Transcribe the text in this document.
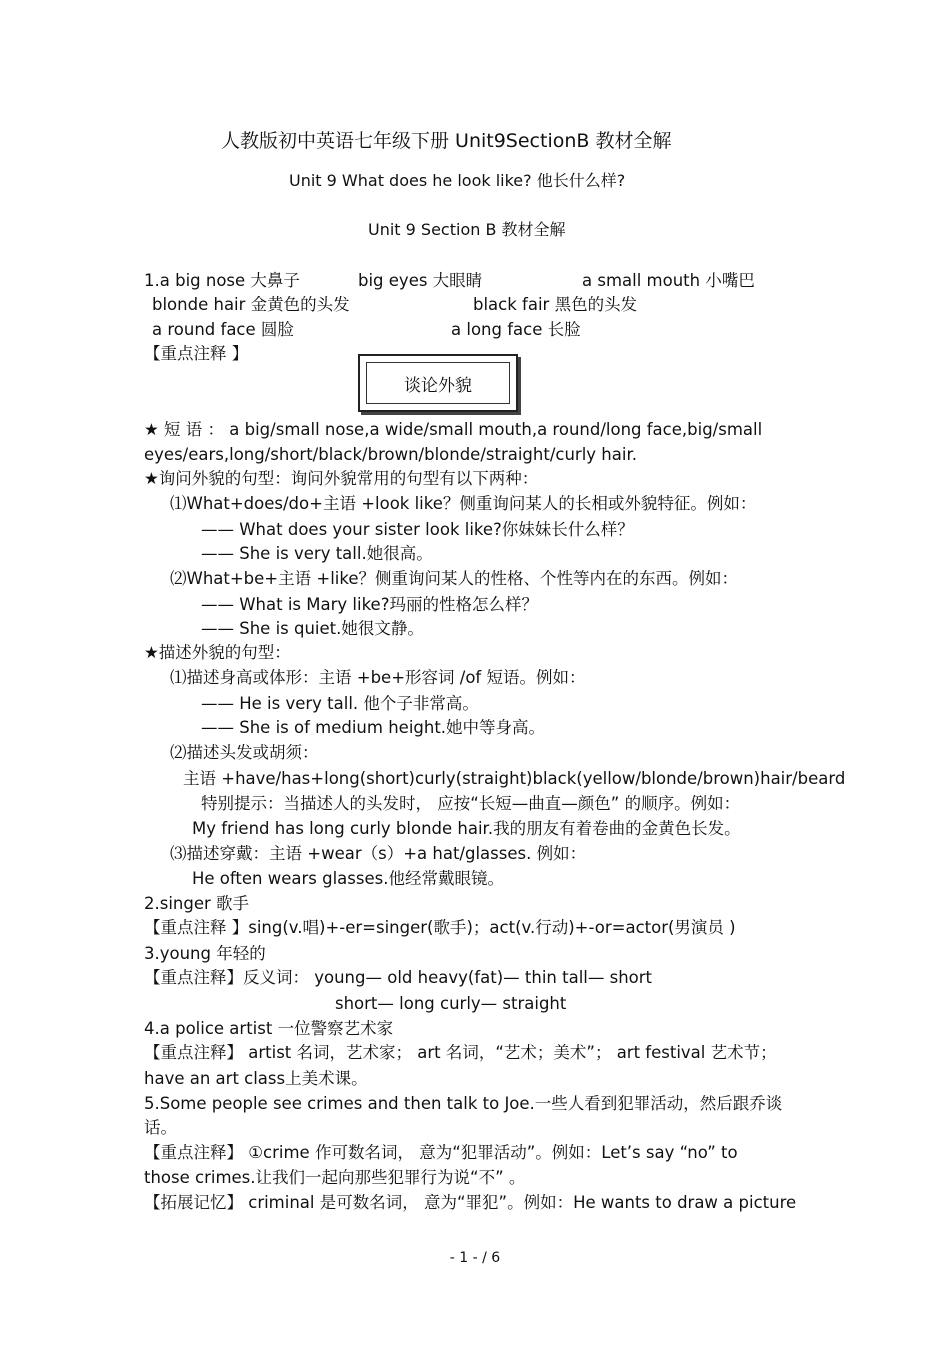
人教版初中英语七年级下册 Unit9SectionB 教材全解
Unit 9 What does he look like? 他长什么样?
Unit 9 Section B 教材全解
1.a big nose 大鼻子	big eyes 大眼睛	a small mouth 小嘴巴
blonde hair 金黄色的头发	black fair 黑色的头发
a round face 圆脸	a long face 长脸
【重点注释 】
谈论外貌
★ 短 语 ： a big/small nose,a wide/small mouth,a round/long face,big/small
eyes/ears,long/short/black/brown/blonde/straight/curly hair.
★询问外貌的句型：询问外貌常用的句型有以下两种：
⑴What+does/do+主语 +look like？侧重询问某人的长相或外貌特征。例如：
—— What does your sister look like?你妹妹长什么样？
—— She is very tall.她很高。
⑵What+be+主语 +like？侧重询问某人的性格、个性等内在的东西。例如：
—— What is Mary like?玛丽的性格怎么样？
—— She is quiet.她很文静。
★描述外貌的句型：
⑴描述身高或体形：主语 +be+形容词 /of 短语。例如：
—— He is very tall. 他个子非常高。
—— She is of medium height.她中等身高。
⑵描述头发或胡须：
主语 +have/has+long(short)curly(straight)black(yellow/blonde/brown)hair/beard
特别提示：当描述人的头发时， 应按“长短—曲直—颜色” 的顺序。例如：
My friend has long curly blonde hair.我的朋友有着卷曲的金黄色长发。
⑶描述穿戴：主语 +wear（s）+a hat/glasses. 例如：
He often wears glasses.他经常戴眼镜。
2.singer 歌手
【重点注释 】sing(v.唱)+-er=singer(歌手)；act(v.行动)+-or=actor(男演员 )
3.young 年轻的
【重点注释】反义词： young— old heavy(fat)— thin tall— short
short— long curly— straight
4.a police artist 一位警察艺术家
【重点注释】 artist 名词，艺术家； art 名词，“艺术；美术”； art festival 艺术节；
have an art class上美术课。
5.Some people see crimes and then talk to Joe.一些人看到犯罪活动，然后跟乔谈
话。
【重点注释】 ①crime 作可数名词， 意为“犯罪活动”。例如：Let’s say “no” to
those crimes.让我们一起向那些犯罪行为说“不” 。
【拓展记忆】 criminal 是可数名词， 意为“罪犯”。例如：He wants to draw a picture
- 1 - / 6
